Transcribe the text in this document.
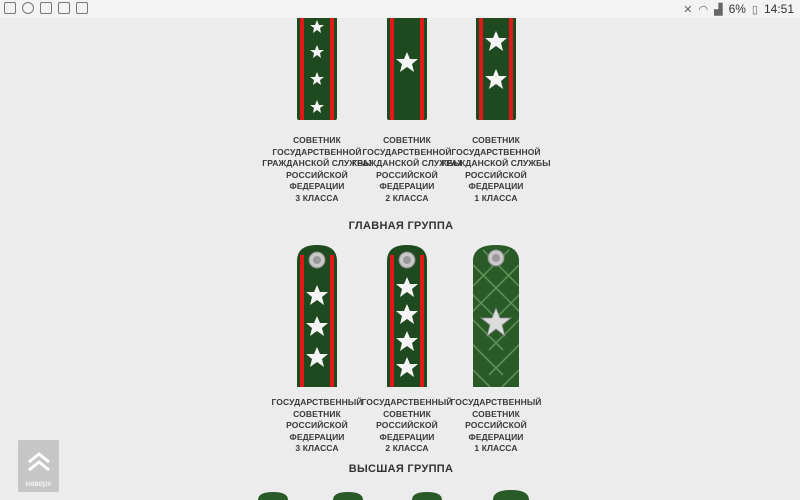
✕ ◠ ▟ 6% ▯ 14:51
СОВЕТНИК
ГОСУДАРСТВЕННОЙ
ГРАЖДАНСКОЙ СЛУЖБЫ
РОССИЙСКОЙ
ФЕДЕРАЦИИ
3 КЛАССА
СОВЕТНИК
ГОСУДАРСТВЕННОЙ
ГРАЖДАНСКОЙ СЛУЖБЫ
РОССИЙСКОЙ
ФЕДЕРАЦИИ
2 КЛАССА
СОВЕТНИК
ГОСУДАРСТВЕННОЙ
ГРАЖДАНСКОЙ СЛУЖБЫ
РОССИЙСКОЙ
ФЕДЕРАЦИИ
1 КЛАССА
ГЛАВНАЯ ГРУППА
ГОСУДАРСТВЕННЫЙ
СОВЕТНИК
РОССИЙСКОЙ
ФЕДЕРАЦИИ
3 КЛАССА
ГОСУДАРСТВЕННЫЙ
СОВЕТНИК
РОССИЙСКОЙ
ФЕДЕРАЦИИ
2 КЛАССА
ГОСУДАРСТВЕННЫЙ
СОВЕТНИК
РОССИЙСКОЙ
ФЕДЕРАЦИИ
1 КЛАССА
ВЫСШАЯ ГРУППА
наверх
